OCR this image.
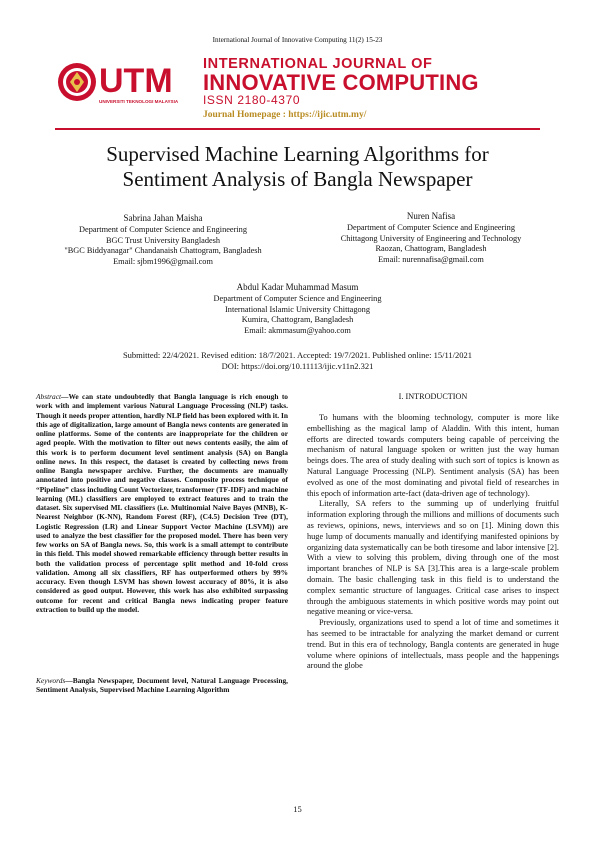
International Journal of Innovative Computing 11(2) 15-23
UTM
UNIVERSITI TEKNOLOGI MALAYSIA
INTERNATIONAL JOURNAL OF
INNOVATIVE COMPUTING
ISSN 2180-4370
Journal Homepage : https://ijic.utm.my/
Supervised Machine Learning Algorithms for
Sentiment Analysis of Bangla Newspaper
Sabrina Jahan Maisha
Department of Computer Science and Engineering
BGC Trust University Bangladesh
"BGC Biddyanagar" Chandanaish Chattogram, Bangladesh
Email: sjbm1996@gmail.com
Nuren Nafisa
Department of Computer Science and Engineering
Chittagong University of Engineering and Technology
Raozan, Chattogram, Bangladesh
Email: nurennafisa@gmail.com
Abdul Kadar Muhammad Masum
Department of Computer Science and Engineering
International Islamic University Chittagong
Kumira, Chattogram, Bangladesh
Email: akmmasum@yahoo.com
Submitted: 22/4/2021. Revised edition: 18/7/2021. Accepted: 19/7/2021. Published online: 15/11/2021
DOI: https://doi.org/10.11113/ijic.v11n2.321
Abstract—We can state undoubtedly that Bangla language is rich enough to work with and implement various Natural Language Processing (NLP) tasks. Though it needs proper attention, hardly NLP field has been explored with it. In this age of digitalization, large amount of Bangla news contents are generated in online platforms. Some of the contents are inappropriate for the children or aged people. With the motivation to filter out news contents easily, the aim of this work is to perform document level sentiment analysis (SA) on Bangla online news. In this respect, the dataset is created by collecting news from online Bangla newspaper archive. Further, the documents are manually annotated into positive and negative classes. Composite process technique of “Pipeline” class including Count Vectorizer, transformer (TF-IDF) and machine learning (ML) classifiers are employed to extract features and to train the dataset. Six supervised ML classifiers (i.e. Multinomial Naive Bayes (MNB), K-Nearest Neighbor (K-NN), Random Forest (RF), (C4.5) Decision Tree (DT), Logistic Regression (LR) and Linear Support Vector Machine (LSVM)) are used to analyze the best classifier for the proposed model. There has been very few works on SA of Bangla news. So, this work is a small attempt to contribute in this field. This model showed remarkable efficiency through better results in both the validation process of percentage split method and 10-fold cross validation. Among all six classifiers, RF has outperformed others by 99% accuracy. Even though LSVM has shown lowest accuracy of 80%, it is also considered as good output. However, this work has also exhibited surpassing outcome for recent and critical Bangla news indicating proper feature extraction to build up the model.
Keywords—Bangla Newspaper, Document level, Natural Language Processing, Sentiment Analysis, Supervised Machine Learning Algorithm
I. INTRODUCTION

To humans with the blooming technology, computer is more like embellishing as the magical lamp of Aladdin. With this intent, human efforts are directed towards computers being capable of perceiving the mechanism of natural language spoken or written just the way human beings does. The area of study dealing with such sort of topics is known as Natural Language Processing (NLP). Sentiment analysis (SA) has been evolved as one of the most dominating and pivotal field of researches in this epoch of information arte-fact (data-driven age of technology).

Literally, SA refers to the summing up of underlying fruitful information exploring through the millions and millions of documents such as reviews, opinions, news, interviews and so on [1]. Mining down this huge lump of documents manually and identifying manifested opinions by organizing data systematically can be both tiresome and labor intensive [2]. With a view to solving this problem, diving through one of the most important branches of NLP is SA [3].This area is a large-scale problem domain. The basic challenging task in this field is to understand the complex semantic structure of languages. Critical case arises to inspect through the ambiguous statements in which positive words may point out negative meaning or vice-versa.

Previously, organizations used to spend a lot of time and sometimes it has seemed to be intractable for analyzing the market demand or current trend. But in this era of technology, Bangla contents are generated in huge volume where opinions of intellectuals, mass people and the happenings around the globe

15
